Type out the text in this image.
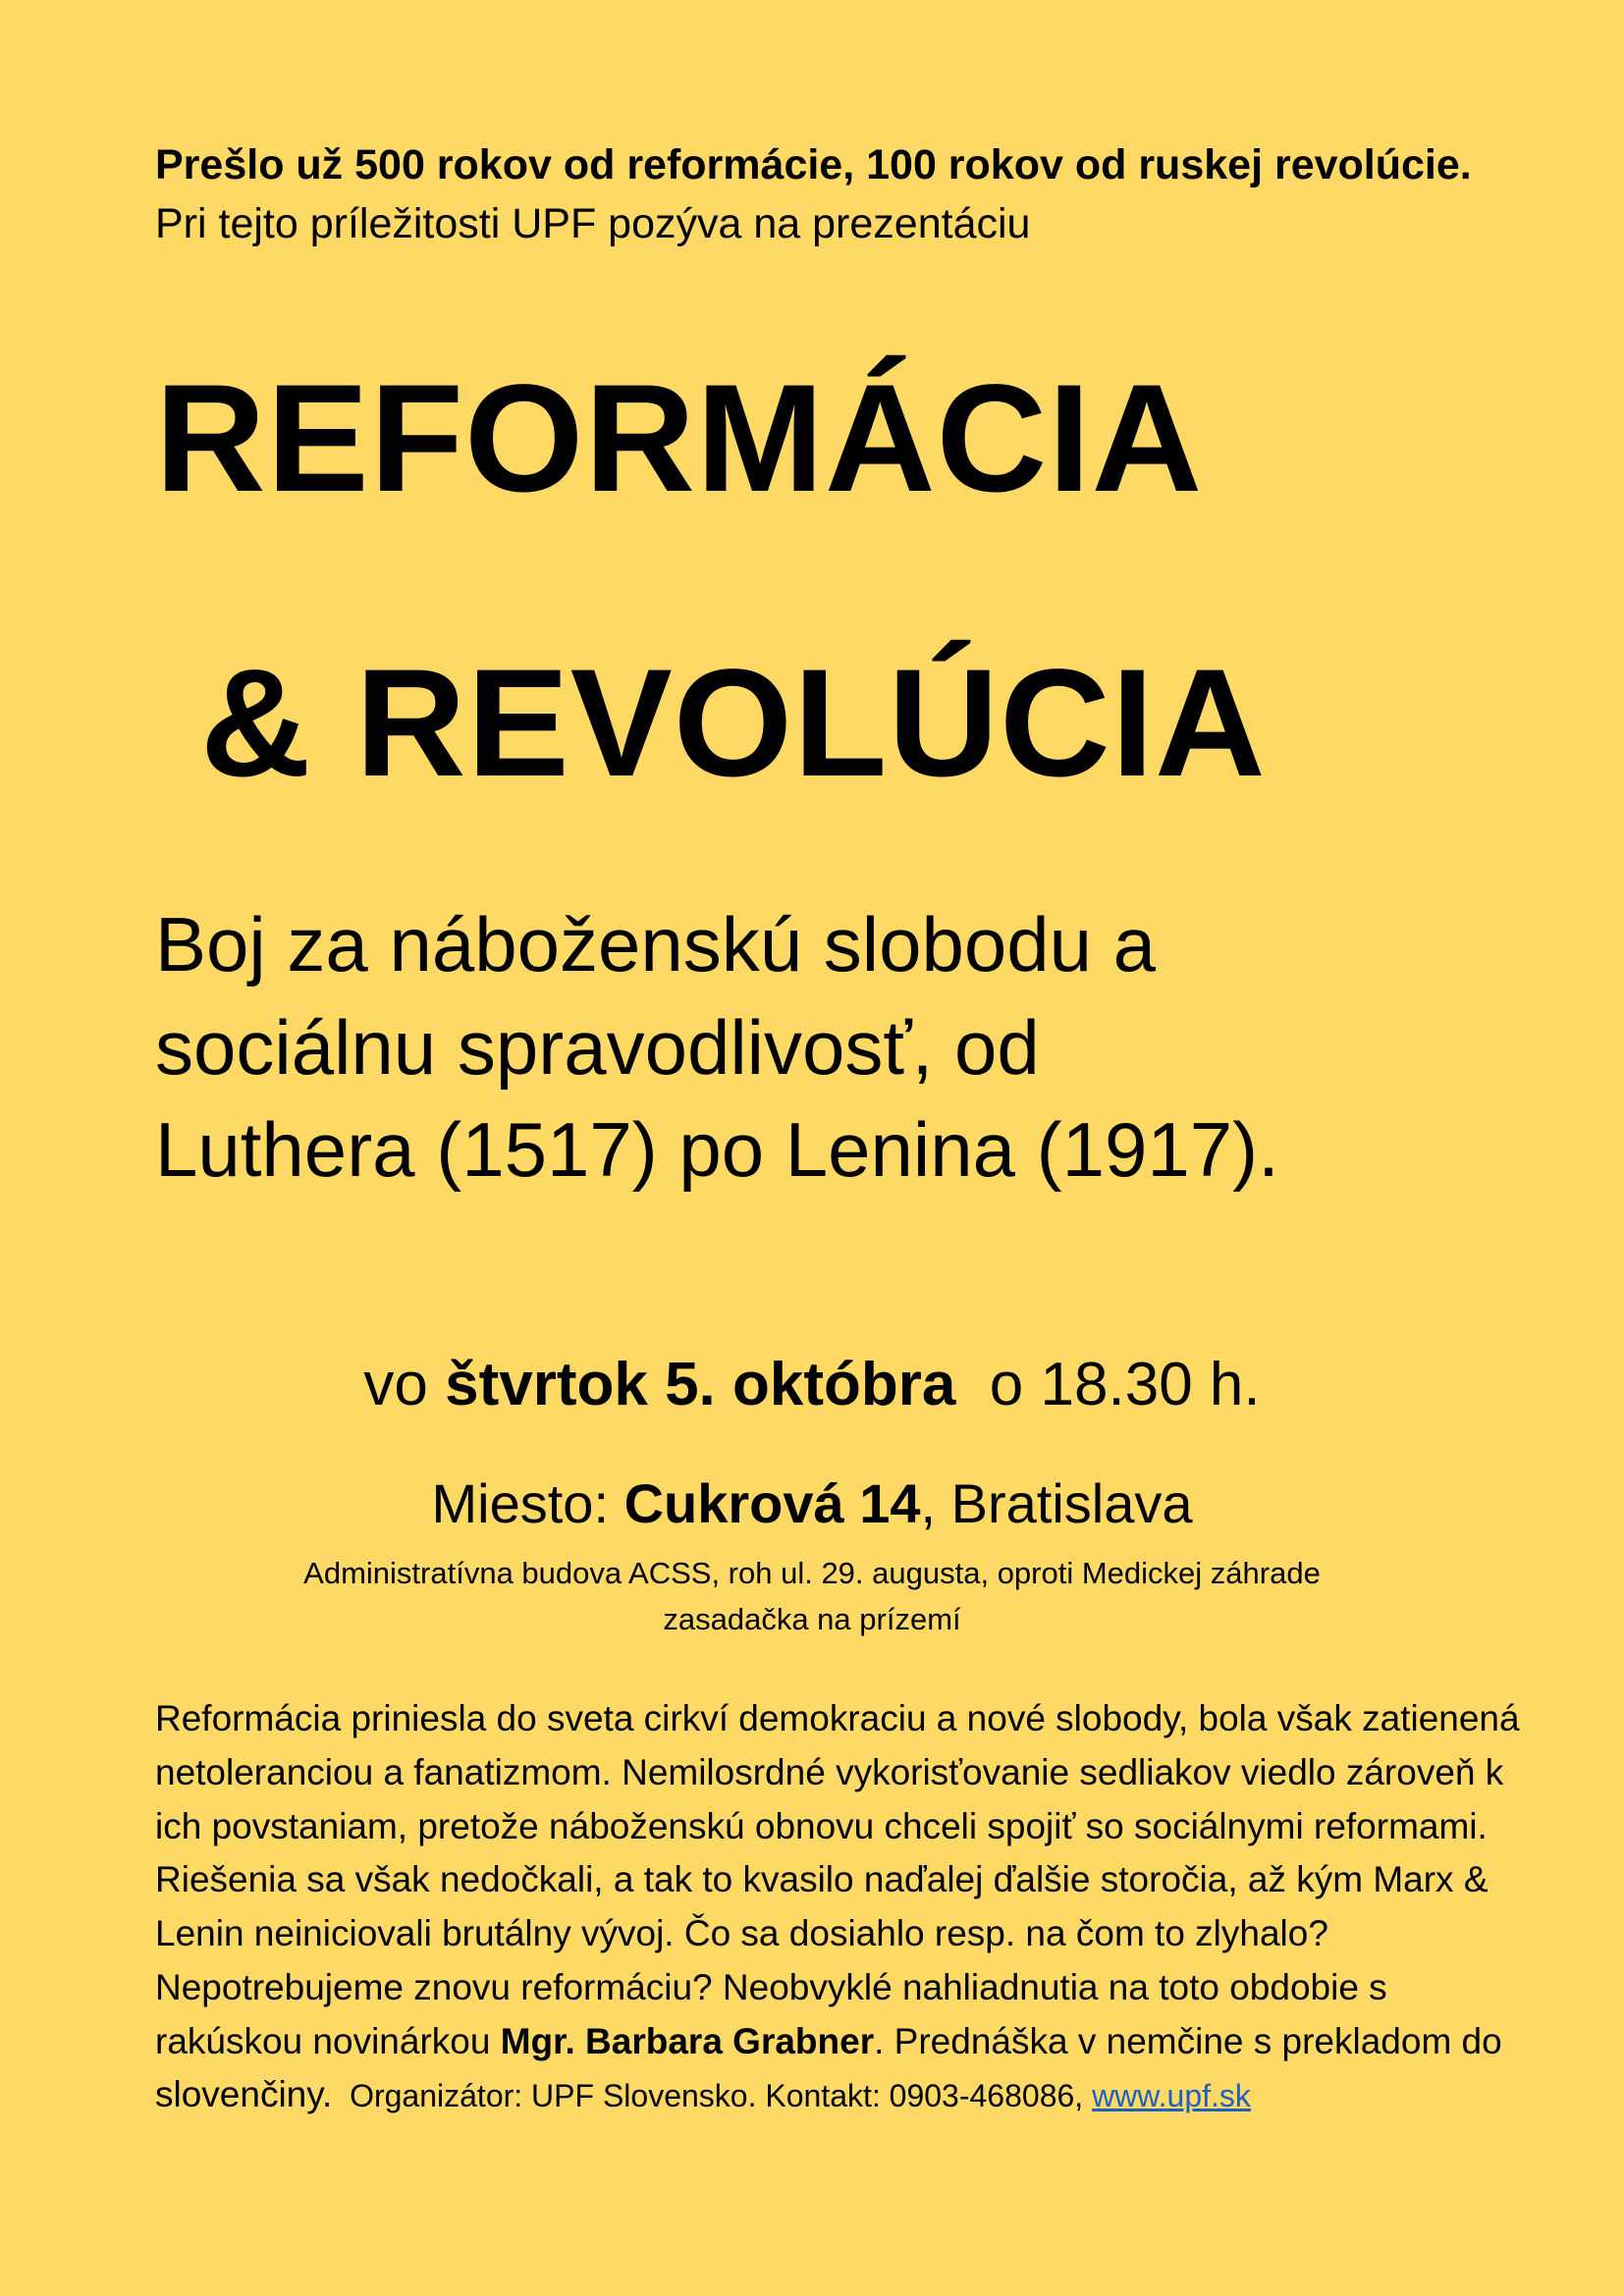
Prešlo už 500 rokov od reformácie, 100 rokov od ruskej revolúcie. Pri tejto príležitosti UPF pozýva na prezentáciu
REFORMÁCIA
& REVOLÚCIA
Boj za náboženskú slobodu a
sociálnu spravodlivosť, od
Luthera (1517) po Lenina (1917).
vo štvrtok 5. októbra  o 18.30 h.
Miesto: Cukrová 14, Bratislava
Administratívna budova ACSS, roh ul. 29. augusta, oproti Medickej záhrade
zasadačka na prízemí
Reformácia priniesla do sveta cirkví demokraciu a nové slobody, bola však zatienená netoleranciou a fanatizmom. Nemilosrdné vykorisťovanie sedliakov viedlo zároveň k ich povstaniam, pretože náboženskú obnovu chceli spojiť so sociálnymi reformami. Riešenia sa však nedočkali, a tak to kvasilo naďalej ďalšie storočia, až kým Marx & Lenin neiniciovali brutálny vývoj. Čo sa dosiahlo resp. na čom to zlyhalo? Nepotrebujeme znovu reformáciu? Neobvyklé nahliadnutia na toto obdobie s rakúskou novinárkou Mgr. Barbara Grabner. Prednáška v nemčine s prekladom do slovenčiny.  Organizátor: UPF Slovensko. Kontakt: 0903-468086, www.upf.sk
